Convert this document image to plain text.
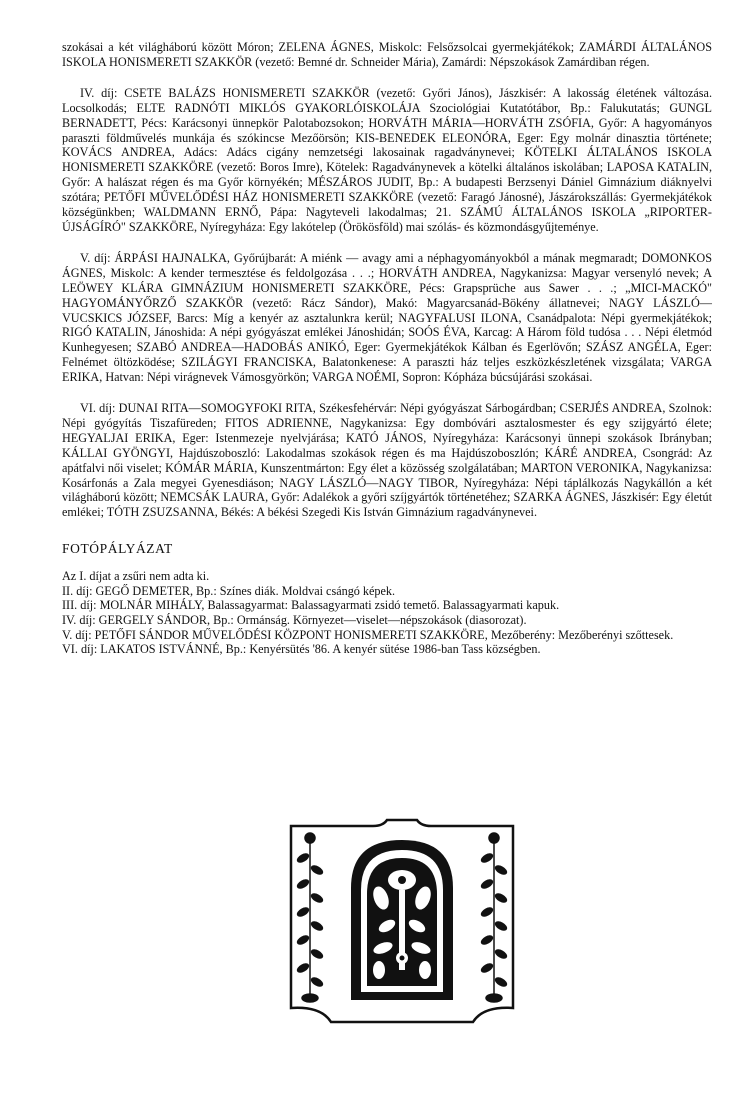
szokásai a két világháború között Móron; ZELENA ÁGNES, Miskolc: Felsőzsolcai gyermekjátékok; ZAMÁRDI ÁLTALÁNOS ISKOLA HONISMERETI SZAKKÖR (vezető: Bemné dr. Schneider Mária), Zamárdi: Népszokások Zamárdiban régen.

IV. díj: CSETE BALÁZS HONISMERETI SZAKKÖR (vezető: Győri János), Jászkisér: A lakosság életének változása. Locsolkodás; ELTE RADNÓTI MIKLÓS GYAKORLÓISKOLÁJA Szociológiai Kutatótábor, Bp.: Falukutatás; GUNGL BERNADETT, Pécs: Karácsonyi ünnepkör Palotabozsokon; HORVÁTH MÁRIA—HORVÁTH ZSÓFIA, Győr: A hagyományos paraszti földművelés munkája és szókincse Mezőörsön; KIS-BENEDEK ELEONÓRA, Eger: Egy molnár dinasztia története; KOVÁCS ANDREA, Adács: Adács cigány nemzetségi lakosainak ragadványnevei; KÖTELKI ÁLTALÁNOS ISKOLA HONISMERETI SZAKKÖRE (vezető: Boros Imre), Kötelek: Ragadványnevek a kötelki általános iskolában; LAPOSA KATALIN, Győr: A halászat régen és ma Győr környékén; MÉSZÁROS JUDIT, Bp.: A budapesti Berzsenyi Dániel Gimnázium diáknyelvi szótára; PETŐFI MŰVELŐDÉSI HÁZ HONISMERETI SZAKKÖRE (vezető: Faragó Jánosné), Jászárokszállás: Gyermekjátékok községünkben; WALDMANN ERNŐ, Pápa: Nagyteveli lakodalmas; 21. SZÁMÚ ÁLTALÁNOS ISKOLA „RIPORTER-ÚJSÁGÍRÓ" SZAKKÖRE, Nyíregyháza: Egy lakótelep (Örökösföld) mai szólás- és közmondásgyűjteménye.

V. díj: ÁRPÁSI HAJNALKA, Győrújbarát: A miénk — avagy ami a néphagyományokból a mának megmaradt; DOMONKOS ÁGNES, Miskolc: A kender termesztése és feldolgozása . . .; HORVÁTH ANDREA, Nagykanizsa: Magyar versenyló nevek; A LEÖWEY KLÁRA GIMNÁZIUM HONISMERETI SZAKKÖRE, Pécs: Grapsprüche aus Sawer . . .; „MICI-MACKÓ" HAGYOMÁNYŐRZŐ SZAKKÖR (vezető: Rácz Sándor), Makó: Magyarcsanád-Bökény állatnevei; NAGY LÁSZLÓ—VUCSKICS JÓZSEF, Barcs: Míg a kenyér az asztalunkra kerül; NAGYFALUSI ILONA, Csanádpalota: Népi gyermekjátékok; RIGÓ KATALIN, Jánoshida: A népi gyógyászat emlékei Jánoshidán; SOÓS ÉVA, Karcag: A Három föld tudósa . . . Népi életmód Kunhegyesen; SZABÓ ANDREA—HADOBÁS ANIKÓ, Eger: Gyermekjátékok Kálban és Egerlövőn; SZÁSZ ANGÉLA, Eger: Felnémet öltözködése; SZILÁGYI FRANCISKA, Balatonkenese: A paraszti ház teljes eszközkészletének vizsgálata; VARGA ERIKA, Hatvan: Népi virágnevek Vámosgyörkön; VARGA NOÉMI, Sopron: Kópháza búcsújárási szokásai.

VI. díj: DUNAI RITA—SOMOGYFOKI RITA, Székesfehérvár: Népi gyógyászat Sárbogárdban; CSERJÉS ANDREA, Szolnok: Népi gyógyítás Tiszafüreden; FITOS ADRIENNE, Nagykanizsa: Egy dombóvári asztalosmester és egy szijgyártó élete; HEGYALJAI ERIKA, Eger: Istenmezeje nyelvjárása; KATÓ JÁNOS, Nyíregyháza: Karácsonyi ünnepi szokások Ibrányban; KÁLLAI GYÖNGYI, Hajdúszoboszló: Lakodalmas szokások régen és ma Hajdúszoboszlón; KÁRÉ ANDREA, Csongrád: Az apátfalvi női viselet; KÓMÁR MÁRIA, Kunszentmárton: Egy élet a közösség szolgálatában; MARTON VERONIKA, Nagykanizsa: Kosárfonás a Zala megyei Gyenesdiáson; NAGY LÁSZLÓ—NAGY TIBOR, Nyíregyháza: Népi táplálkozás Nagykállón a két világháború között; NEMCSÁK LAURA, Győr: Adalékok a győri szíjgyártók történetéhez; SZARKA ÁGNES, Jászkisér: Egy életút emlékei; TÓTH ZSUZSANNA, Békés: A békési Szegedi Kis István Gimnázium ragadványnevei.

FOTÓPÁLYÁZAT

Az I. díjat a zsűri nem adta ki.

II. díj: GEGŐ DEMETER, Bp.: Színes diák. Moldvai csángó képek.

III. díj: MOLNÁR MIHÁLY, Balassagyarmat: Balassagyarmati zsidó temető. Balassagyarmati kapuk.

IV. díj: GERGELY SÁNDOR, Bp.: Ormánság. Környezet—viselet—népszokások (diasorozat).

V. díj: PETŐFI SÁNDOR MŰVELŐDÉSI KÖZPONT HONISMERETI SZAKKÖRE, Mezőberény: Mezőberényi szőttesek.

VI. díj: LAKATOS ISTVÁNNÉ, Bp.: Kenyérsütés '86. A kenyér sütése 1986-ban Tass községben.
